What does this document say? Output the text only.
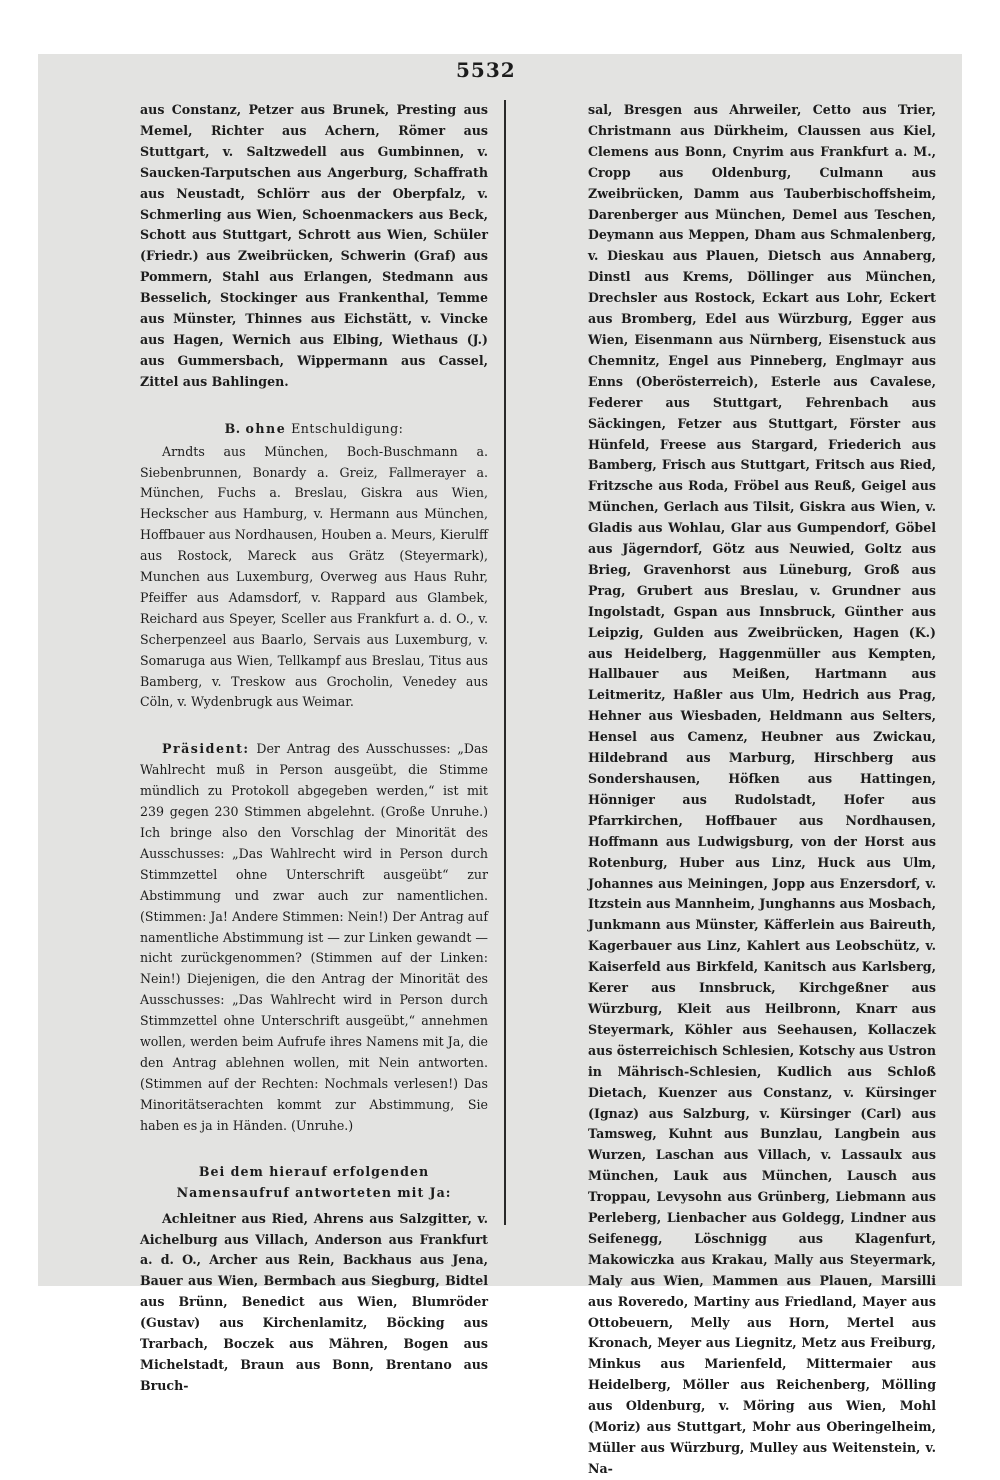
5532

aus Constanz, Petzer aus Brunek, Presting aus Memel, Richter aus Achern, Römer aus Stuttgart, v. Saltzwedell aus Gumbinnen, v. Saucken-Tarputschen aus Angerburg, Schaffrath aus Neustadt, Schlörr aus der Oberpfalz, v. Schmerling aus Wien, Schoenmackers aus Beck, Schott aus Stuttgart, Schrott aus Wien, Schüler (Friedr.) aus Zweibrücken, Schwerin (Graf) aus Pommern, Stahl aus Erlangen, Stedmann aus Besselich, Stockinger aus Frankenthal, Temme aus Münster, Thinnes aus Eichstätt, v. Vincke aus Hagen, Wernich aus Elbing, Wiethaus (J.) aus Gummersbach, Wippermann aus Cassel, Zittel aus Bahlingen.

B. ohne Entschuldigung:

Arndts aus München, Boch-Buschmann a. Siebenbrunnen, Bonardy a. Greiz, Fallmerayer a. München, Fuchs a. Breslau, Giskra aus Wien, Heckscher aus Hamburg, v. Hermann aus München, Hoffbauer aus Nordhausen, Houben a. Meurs, Kierulff aus Rostock, Mareck aus Grätz (Steyermark), Munchen aus Luxemburg, Overweg aus Haus Ruhr, Pfeiffer aus Adamsdorf, v. Rappard aus Glambek, Reichard aus Speyer, Sceller aus Frankfurt a. d. O., v. Scherpenzeel aus Baarlo, Servais aus Luxemburg, v. Somaruga aus Wien, Tellkampf aus Breslau, Titus aus Bamberg, v. Treskow aus Grocholin, Venedey aus Cöln, v. Wydenbrugk aus Weimar.

Präsident: Der Antrag des Ausschusses: „Das Wahlrecht muß in Person ausgeübt, die Stimme mündlich zu Protokoll abgegeben werden,“ ist mit 239 gegen 230 Stimmen abgelehnt. (Große Unruhe.) Ich bringe also den Vorschlag der Minorität des Ausschusses: „Das Wahlrecht wird in Person durch Stimmzettel ohne Unterschrift ausgeübt“ zur Abstimmung und zwar auch zur namentlichen. (Stimmen: Ja! Andere Stimmen: Nein!) Der Antrag auf namentliche Abstimmung ist — zur Linken gewandt — nicht zurückgenommen? (Stimmen auf der Linken: Nein!) Diejenigen, die den Antrag der Minorität des Ausschusses: „Das Wahlrecht wird in Person durch Stimmzettel ohne Unterschrift ausgeübt,“ annehmen wollen, werden beim Aufrufe ihres Namens mit Ja, die den Antrag ablehnen wollen, mit Nein antworten. (Stimmen auf der Rechten: Nochmals verlesen!) Das Minoritätserachten kommt zur Abstimmung, Sie haben es ja in Händen. (Unruhe.)

Bei dem hierauf erfolgenden Namensaufruf antworteten mit Ja:

Achleitner aus Ried, Ahrens aus Salzgitter, v. Aichelburg aus Villach, Anderson aus Frankfurt a. d. O., Archer aus Rein, Backhaus aus Jena, Bauer aus Wien, Bermbach aus Siegburg, Bidtel aus Brünn, Benedict aus Wien, Blumröder (Gustav) aus Kirchenlamitz, Böcking aus Trarbach, Boczek aus Mähren, Bogen aus Michelstadt, Braun aus Bonn, Brentano aus Bruch-

sal, Bresgen aus Ahrweiler, Cetto aus Trier, Christmann aus Dürkheim, Claussen aus Kiel, Clemens aus Bonn, Cnyrim aus Frankfurt a. M., Cropp aus Oldenburg, Culmann aus Zweibrücken, Damm aus Tauberbischoffsheim, Darenberger aus München, Demel aus Teschen, Deymann aus Meppen, Dham aus Schmalenberg, v. Dieskau aus Plauen, Dietsch aus Annaberg, Dinstl aus Krems, Döllinger aus München, Drechsler aus Rostock, Eckart aus Lohr, Eckert aus Bromberg, Edel aus Würzburg, Egger aus Wien, Eisenmann aus Nürnberg, Eisenstuck aus Chemnitz, Engel aus Pinneberg, Englmayr aus Enns (Oberösterreich), Esterle aus Cavalese, Federer aus Stuttgart, Fehrenbach aus Säckingen, Fetzer aus Stuttgart, Förster aus Hünfeld, Freese aus Stargard, Friederich aus Bamberg, Frisch aus Stuttgart, Fritsch aus Ried, Fritzsche aus Roda, Fröbel aus Reuß, Geigel aus München, Gerlach aus Tilsit, Giskra aus Wien, v. Gladis aus Wohlau, Glar aus Gumpendorf, Göbel aus Jägerndorf, Götz aus Neuwied, Goltz aus Brieg, Gravenhorst aus Lüneburg, Groß aus Prag, Grubert aus Breslau, v. Grundner aus Ingolstadt, Gspan aus Innsbruck, Günther aus Leipzig, Gulden aus Zweibrücken, Hagen (K.) aus Heidelberg, Haggenmüller aus Kempten, Hallbauer aus Meißen, Hartmann aus Leitmeritz, Haßler aus Ulm, Hedrich aus Prag, Hehner aus Wiesbaden, Heldmann aus Selters, Hensel aus Camenz, Heubner aus Zwickau, Hildebrand aus Marburg, Hirschberg aus Sondershausen, Höfken aus Hattingen, Hönniger aus Rudolstadt, Hofer aus Pfarrkirchen, Hoffbauer aus Nordhausen, Hoffmann aus Ludwigsburg, von der Horst aus Rotenburg, Huber aus Linz, Huck aus Ulm, Johannes aus Meiningen, Jopp aus Enzersdorf, v. Itzstein aus Mannheim, Junghanns aus Mosbach, Junkmann aus Münster, Käfferlein aus Baireuth, Kagerbauer aus Linz, Kahlert aus Leobschütz, v. Kaiserfeld aus Birkfeld, Kanitsch aus Karlsberg, Kerer aus Innsbruck, Kirchgeßner aus Würzburg, Kleit aus Heilbronn, Knarr aus Steyermark, Köhler aus Seehausen, Kollaczek aus österreichisch Schlesien, Kotschy aus Ustron in Mährisch-Schlesien, Kudlich aus Schloß Dietach, Kuenzer aus Constanz, v. Kürsinger (Ignaz) aus Salzburg, v. Kürsinger (Carl) aus Tamsweg, Kuhnt aus Bunzlau, Langbein aus Wurzen, Laschan aus Villach, v. Lassaulx aus München, Lauk aus München, Lausch aus Troppau, Levysohn aus Grünberg, Liebmann aus Perleberg, Lienbacher aus Goldegg, Lindner aus Seifenegg, Löschnigg aus Klagenfurt, Makowiczka aus Krakau, Mally aus Steyermark, Maly aus Wien, Mammen aus Plauen, Marsilli aus Roveredo, Martiny aus Friedland, Mayer aus Ottobeuern, Melly aus Horn, Mertel aus Kronach, Meyer aus Liegnitz, Metz aus Freiburg, Minkus aus Marienfeld, Mittermaier aus Heidelberg, Möller aus Reichenberg, Mölling aus Oldenburg, v. Möring aus Wien, Mohl (Moriz) aus Stuttgart, Mohr aus Oberingelheim, Müller aus Würzburg, Mulley aus Weitenstein, v. Na-
